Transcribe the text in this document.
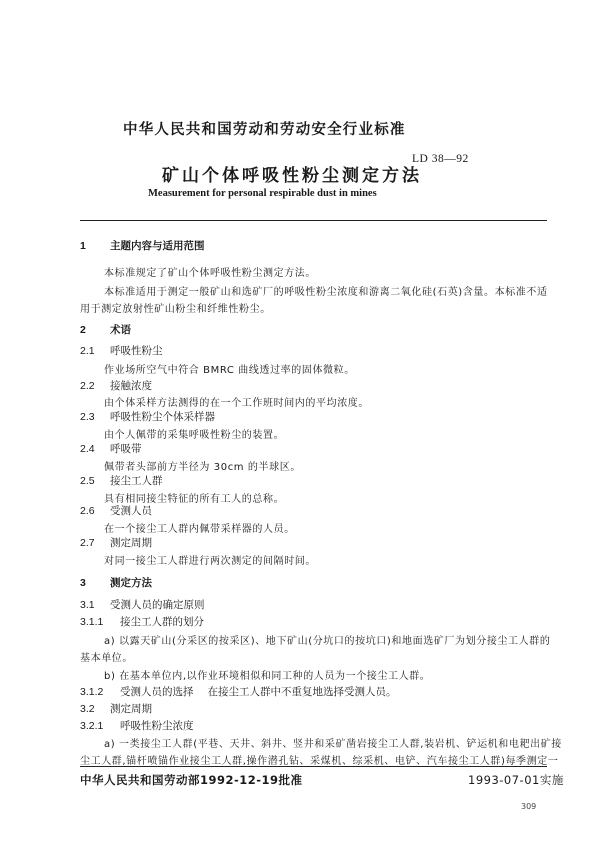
中华人民共和国劳动和劳动安全行业标准
LD 38—92
矿山个体呼吸性粉尘测定方法
Measurement for personal respirable dust in mines
1 主题内容与适用范围
本标准规定了矿山个体呼吸性粉尘测定方法。
本标准适用于测定一般矿山和选矿厂的呼吸性粉尘浓度和游离二氧化硅(石英)含量。本标准不适
用于测定放射性矿山粉尘和纤维性粉尘。
2 术语
2.1 呼吸性粉尘
作业场所空气中符合 BMRC 曲线透过率的固体微粒。
2.2 接触浓度
由个体采样方法测得的在一个工作班时间内的平均浓度。
2.3 呼吸性粉尘个体采样器
由个人佩带的采集呼吸性粉尘的装置。
2.4 呼吸带
佩带者头部前方半径为 30cm 的半球区。
2.5 接尘工人群
具有相同接尘特征的所有工人的总称。
2.6 受测人员
在一个接尘工人群内佩带采样器的人员。
2.7 测定周期
对同一接尘工人群进行两次测定的间隔时间。
3 测定方法
3.1 受测人员的确定原则
3.1.1 接尘工人群的划分
a) 以露天矿山(分采区的按采区)、地下矿山(分坑口的按坑口)和地面选矿厂为划分接尘工人群的
基本单位。
b) 在基本单位内,以作业环境相似和同工种的人员为一个接尘工人群。
3.1.2 受测人员的选择 在接尘工人群中不重复地选择受测人员。
3.2 测定周期
3.2.1 呼吸性粉尘浓度
a) 一类接尘工人群(平巷、天井、斜井、竖井和采矿凿岩接尘工人群,装岩机、铲运机和电耙出矿接
尘工人群,锚杆喷锚作业接尘工人群,操作潜孔钻、采煤机、综采机、电铲、汽车接尘工人群)每季测定一
中华人民共和国劳动部1992-12-19批准	1993-07-01实施
309
